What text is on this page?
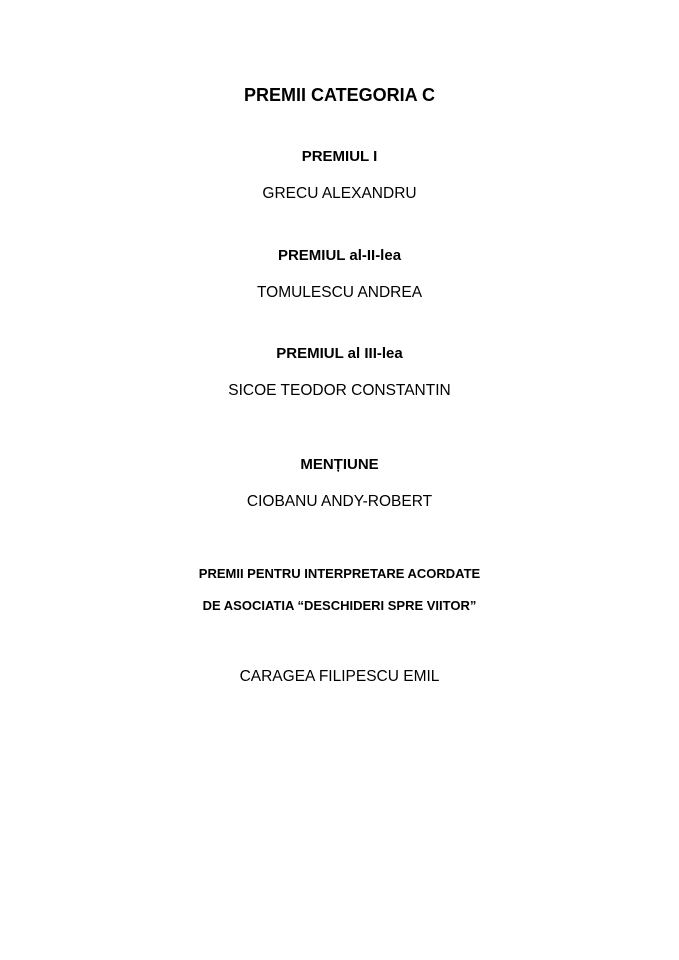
PREMII CATEGORIA C
PREMIUL I
GRECU ALEXANDRU
PREMIUL al-II-lea
TOMULESCU ANDREA
PREMIUL al III-lea
SICOE TEODOR CONSTANTIN
MENȚIUNE
CIOBANU ANDY-ROBERT
PREMII PENTRU INTERPRETARE ACORDATE
DE ASOCIATIA “DESCHIDERI SPRE VIITOR”
CARAGEA FILIPESCU EMIL
